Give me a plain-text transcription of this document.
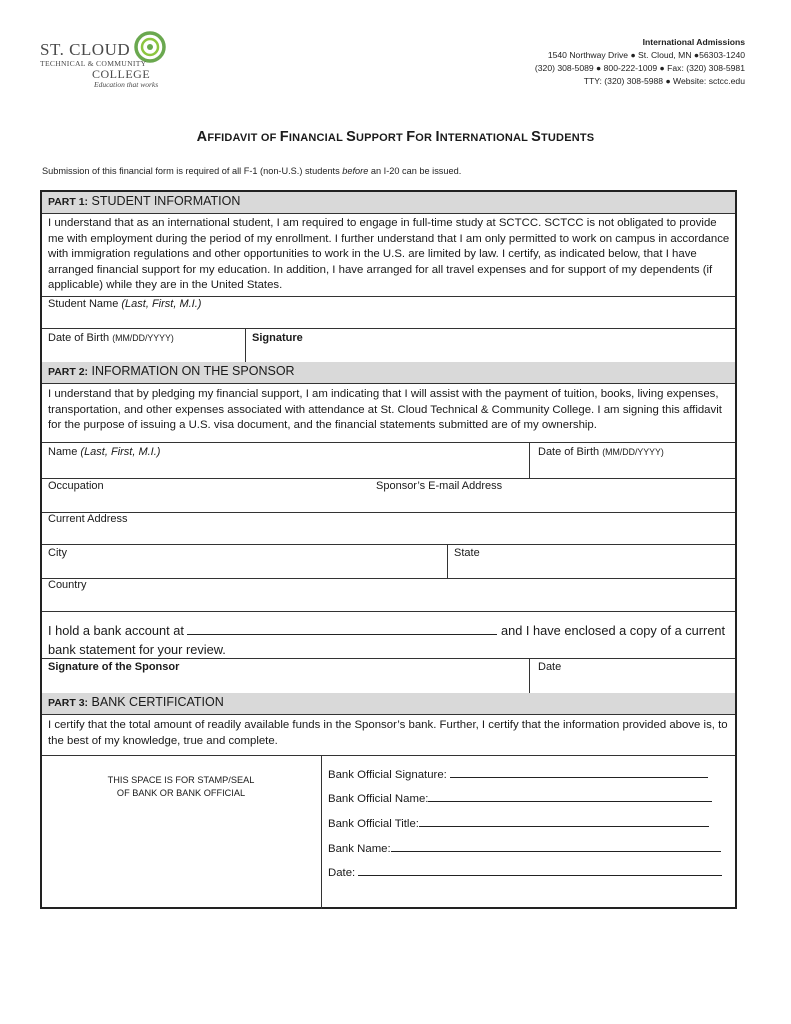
ST. CLOUD
TECHNICAL & COMMUNITY
COLLEGE
Education that works
International Admissions
1540 Northway Drive ● St. Cloud, MN ●56303-1240
(320) 308-5089 ● 800-222-1009 ● Fax: (320) 308-5981
TTY: (320) 308-5988 ● Website: sctcc.edu
AFFIDAVIT OF FINANCIAL SUPPORT FOR INTERNATIONAL STUDENTS
Submission of this financial form is required of all F-1 (non-U.S.) students before an I-20 can be issued.
PART 1: STUDENT INFORMATION
I understand that as an international student, I am required to engage in full-time study at SCTCC. SCTCC is not obligated to provide me with employment during the period of my enrollment. I further understand that I am only permitted to work on campus in accordance with immigration regulations and other opportunities to work in the U.S. are limited by law. I certify, as indicated below, that I have arranged financial support for my education. In addition, I have arranged for all travel expenses and for support of my dependents (if applicable) while they are in the United States.
Student Name (Last, First, M.I.)
Date of Birth (MM/DD/YYYY)	Signature
PART 2: INFORMATION ON THE SPONSOR
I understand that by pledging my financial support, I am indicating that I will assist with the payment of tuition, books, living expenses, transportation, and other expenses associated with attendance at St. Cloud Technical & Community College. I am signing this affidavit for the purpose of issuing a U.S. visa document, and the financial statements submitted are of my ownership.
Name (Last, First, M.I.)	Date of Birth (MM/DD/YYYY)
Occupation	Sponsor’s E-mail Address
Current Address
City	State
Country
I hold a bank account at	and I have enclosed a copy of a current
bank statement for your review.
Signature of the Sponsor	Date
PART 3: BANK CERTIFICATION
I certify that the total amount of readily available funds in the Sponsor’s bank. Further, I certify that the information provided above is, to the best of my knowledge, true and complete.
THIS SPACE IS FOR STAMP/SEAL
OF BANK OR BANK OFFICIAL
Bank Official Signature:
Bank Official Name:
Bank Official Title:
Bank Name:
Date:
